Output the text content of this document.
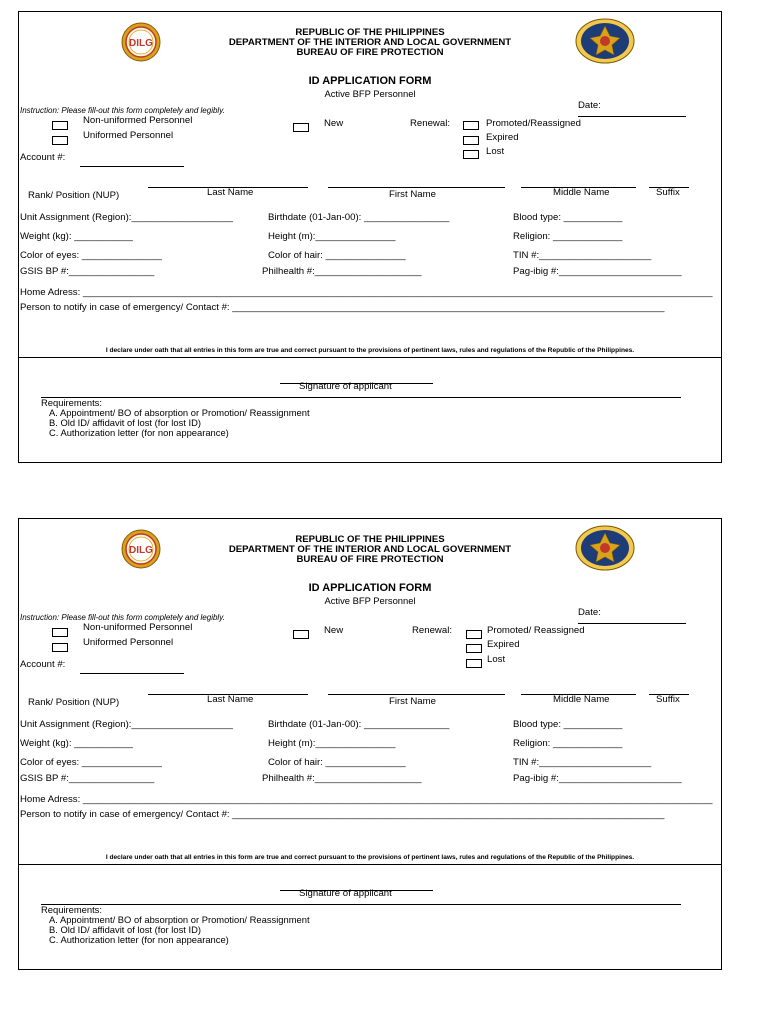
DILG
REPUBLIC OF THE PHILIPPINES
DEPARTMENT OF THE INTERIOR AND LOCAL GOVERNMENT
BUREAU OF FIRE PROTECTION
ID APPLICATION FORM
Active BFP Personnel
Instruction: Please fill-out this form completely and legibly.	Date:
Non-uniformed Personnel
Uniformed Personnel
New	Renewal:	Promoted/Reassigned
Expired
Lost
Account #:
Rank/ Position (NUP)	Last Name	First Name	Middle Name	Suffix
Unit Assignment (Region):___________________	Birthdate (01-Jan-00): ________________	Blood type: ___________
Weight (kg): ___________	Height (m):_______________	Religion: _____________
Color of eyes: _______________	Color of hair: _______________	TIN #:_____________________
GSIS BP #:________________	Philhealth #:____________________	Pag-ibig #:_______________________
Home Adress: ______________________________________________________________________________________________________________________
Person to notify in case of emergency/ Contact #: _________________________________________________________________________________
I declare under oath that all entries in this form are true and correct pursuant to the provisions of pertinent laws, rules and regulations of the Republic of the Philippines.
Signature of applicant
Requirements:
A. Appointment/ BO of absorption or Promotion/ Reassignment
B. Old ID/ affidavit of lost (for lost ID)
C. Authorization letter (for non appearance)
DILG
REPUBLIC OF THE PHILIPPINES
DEPARTMENT OF THE INTERIOR AND LOCAL GOVERNMENT
BUREAU OF FIRE PROTECTION
ID APPLICATION FORM
Active BFP Personnel
Instruction: Please fill-out this form completely and legibly.	Date:
Non-uniformed Personnel
Uniformed Personnel
New	Renewal:	Promoted/ Reassigned
Expired
Lost
Account #:
Rank/ Position (NUP)	Last Name	First Name	Middle Name	Suffix
Unit Assignment (Region):___________________	Birthdate (01-Jan-00): ________________	Blood type: ___________
Weight (kg): ___________	Height (m):_______________	Religion: _____________
Color of eyes: _______________	Color of hair: _______________	TIN #:_____________________
GSIS BP #:________________	Philhealth #:____________________	Pag-ibig #:_______________________
Home Adress: ______________________________________________________________________________________________________________________
Person to notify in case of emergency/ Contact #: _________________________________________________________________________________
I declare under oath that all entries in this form are true and correct pursuant to the provisions of pertinent laws, rules and regulations of the Republic of the Philippines.
Signature of applicant
Requirements:
A. Appointment/ BO of absorption or Promotion/ Reassignment
B. Old ID/ affidavit of lost (for lost ID)
C. Authorization letter (for non appearance)
